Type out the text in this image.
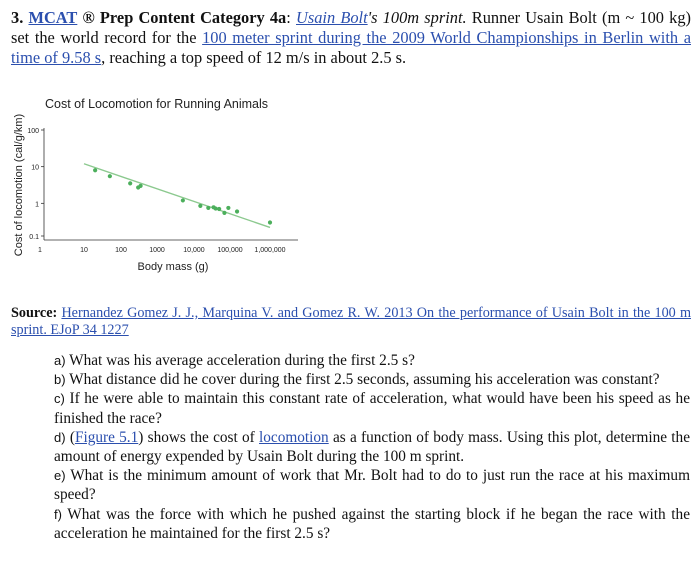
3. MCAT ® Prep Content Category 4a: Usain Bolt's 100m sprint. Runner Usain Bolt (m ~ 100 kg) set the world record for the 100 meter sprint during the 2009 World Championships in Berlin with a time of 9.58 s, reaching a top speed of 12 m/s in about 2.5 s.
Cost of Locomotion for Running Animals
Cost of locomotion (cal/g/km) 0.1
1
10
100
1	10	100	1000	10,000 100,000 1,000,000
Body mass (g)
Source: Hernandez Gomez J. J., Marquina V. and Gomez R. W. 2013 On the performance of Usain Bolt in the 100 m sprint. EJoP 34 1227

a) What was his average acceleration during the first 2.5 s?

b) What distance did he cover during the first 2.5 seconds, assuming his acceleration was constant?

c) If he were able to maintain this constant rate of acceleration, what would have been his speed as he finished the race?

d) (Figure 5.1) shows the cost of locomotion as a function of body mass. Using this plot, determine the amount of energy expended by Usain Bolt during the 100 m sprint.

e) What is the minimum amount of work that Mr. Bolt had to do to just run the race at his maximum speed?

f) What was the force with which he pushed against the starting block if he began the race with the acceleration he maintained for the first 2.5 s?
